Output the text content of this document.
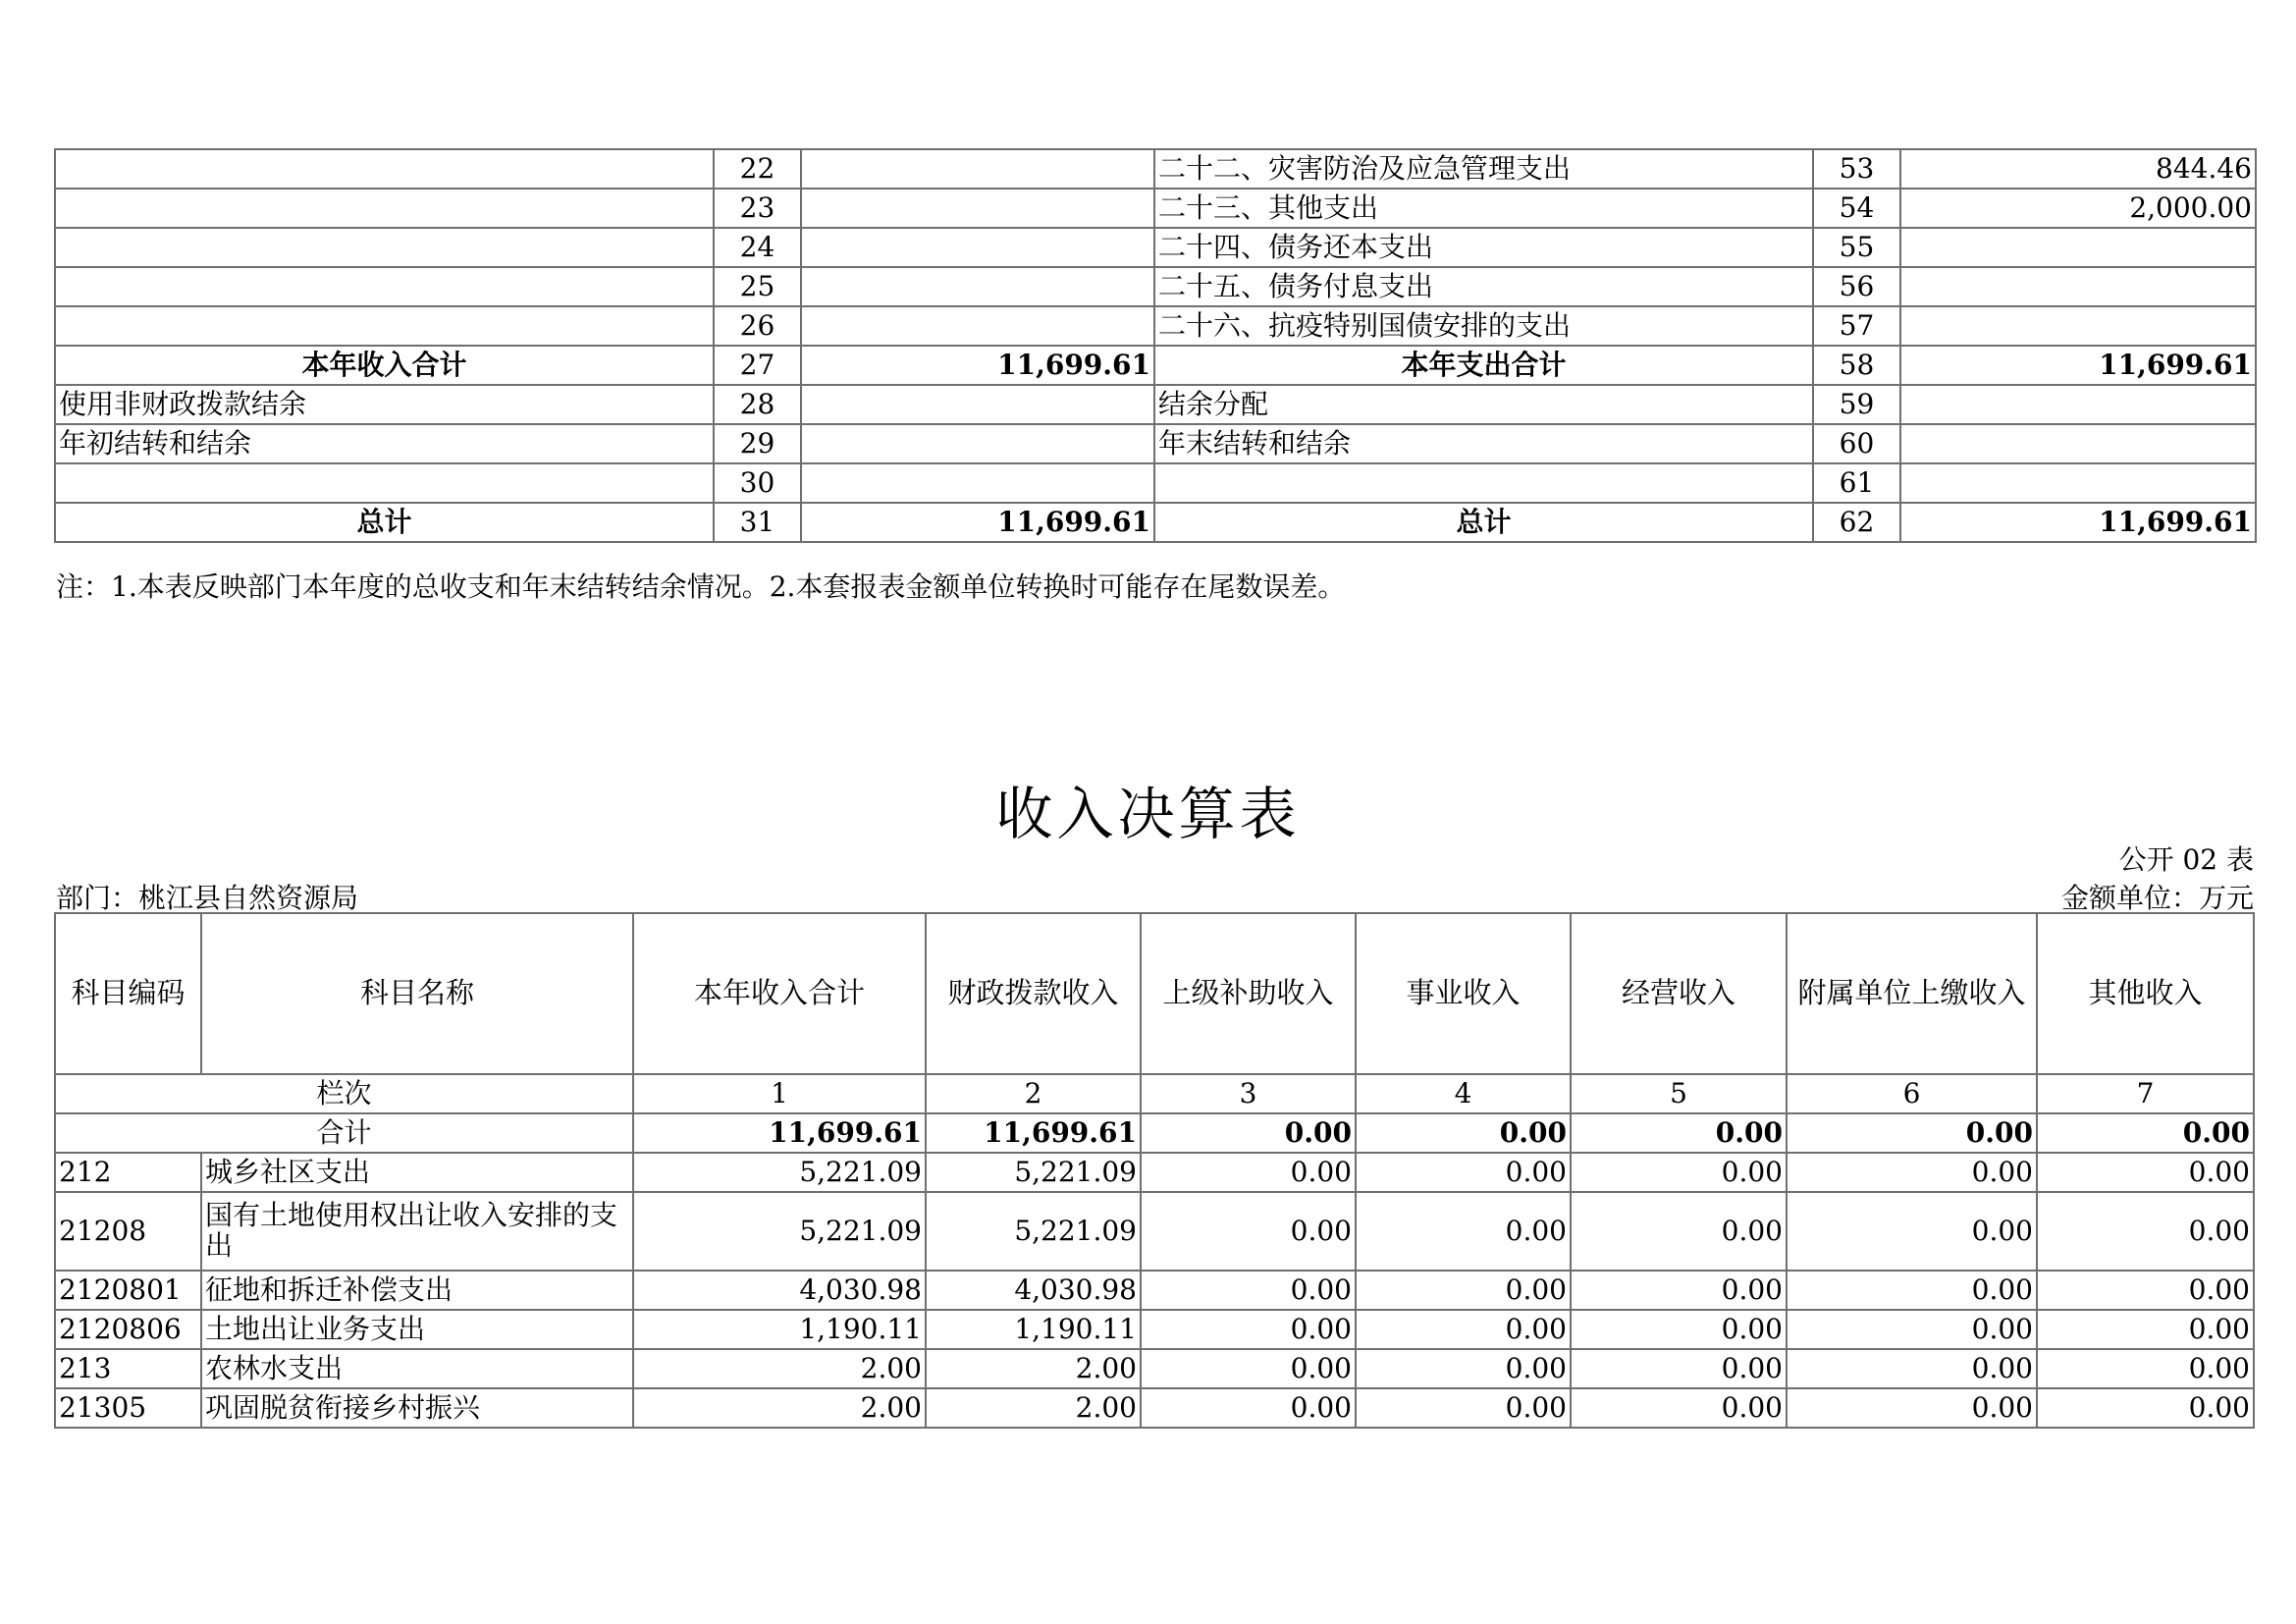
	22		二十二、灾害防治及应急管理支出	53	844.46
	23		二十三、其他支出	54	2,000.00
	24		二十四、债务还本支出	55	
	25		二十五、债务付息支出	56	
	26		二十六、抗疫特别国债安排的支出	57	
本年收入合计	27	11,699.61	本年支出合计	58	11,699.61
使用非财政拨款结余	28		结余分配	59	
年初结转和结余	29		年末结转和结余	60	
	30			61	
总计	31	11,699.61	总计	62	11,699.61
注：1.本表反映部门本年度的总收支和年末结转结余情况。2.本套报表金额单位转换时可能存在尾数误差。
收入决算表
公开 02 表
部门：桃江县自然资源局	金额单位：万元
科目编码	科目名称	本年收入合计	财政拨款收入	上级补助收入	事业收入	经营收入	附属单位上缴收入	其他收入
栏次		1	2	3	4	5	6	7
合计		11,699.61	11,699.61	0.00	0.00	0.00	0.00	0.00
212	城乡社区支出	5,221.09	5,221.09	0.00	0.00	0.00	0.00	0.00
21208	国有土地使用权出让收入安排的支出	5,221.09	5,221.09	0.00	0.00	0.00	0.00	0.00
2120801	征地和拆迁补偿支出	4,030.98	4,030.98	0.00	0.00	0.00	0.00	0.00
2120806	土地出让业务支出	1,190.11	1,190.11	0.00	0.00	0.00	0.00	0.00
213	农林水支出	2.00	2.00	0.00	0.00	0.00	0.00	0.00
21305	巩固脱贫衔接乡村振兴	2.00	2.00	0.00	0.00	0.00	0.00	0.00
